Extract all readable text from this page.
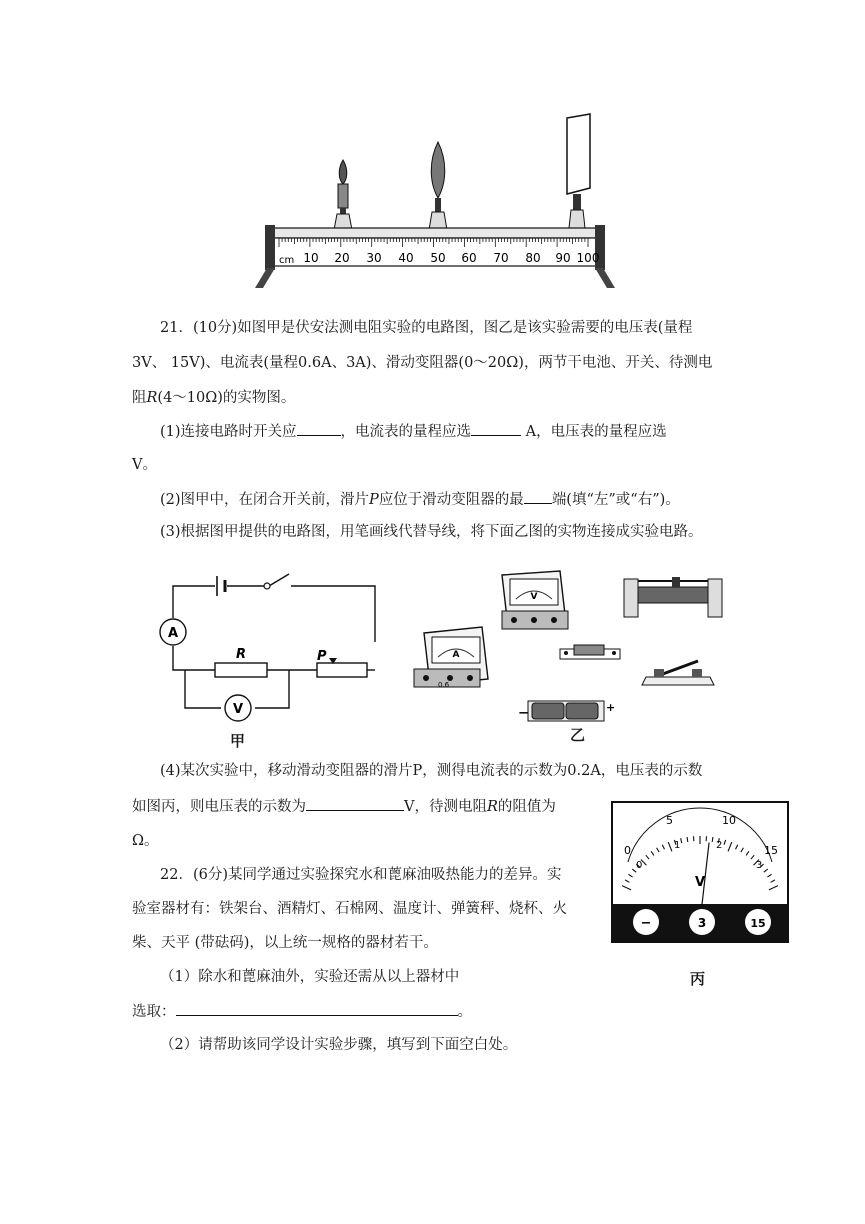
cm 10 20 30 40 50 60 70 80 90 100
21．(10分)如图甲是伏安法测电阻实验的电路图，图乙是该实验需要的电压表(量程
3V、 15V)、电流表(量程0.6A、3A)、滑动变阻器(0～20Ω)，两节干电池、开关、待测电
阻R(4～10Ω)的实物图。
(1)连接电路时开关应	，电流表的量程应选	A，电压表的量程应选
V。
(2)图甲中，在闭合开关前，滑片P应位于滑动变阻器的最 端(填“左”或“右”)。
(3)根据图甲提供的电路图，用笔画线代替导线，将下面乙图的实物连接成实验电路。
A
V
R	P
甲
V
A
0.6
−	+
乙
(4)某次实验中，移动滑动变阻器的滑片P，测得电流表的示数为0.2A，电压表的示数
如图丙，则电压表的示数为	V，待测电阻R的阻值为
Ω。
0
5	10
15
0
1	2
3
V
−	3	15
丙
22．(6分)某同学通过实验探究水和蓖麻油吸热能力的差异。实
验室器材有：铁架台、酒精灯、石棉网、温度计、弹簧秤、烧杯、火
柴、天平 (带砝码)，以上统一规格的器材若干。
（1）除水和蓖麻油外，实验还需从以上器材中
选取：	。
（2）请帮助该同学设计实验步骤，填写到下面空白处。
